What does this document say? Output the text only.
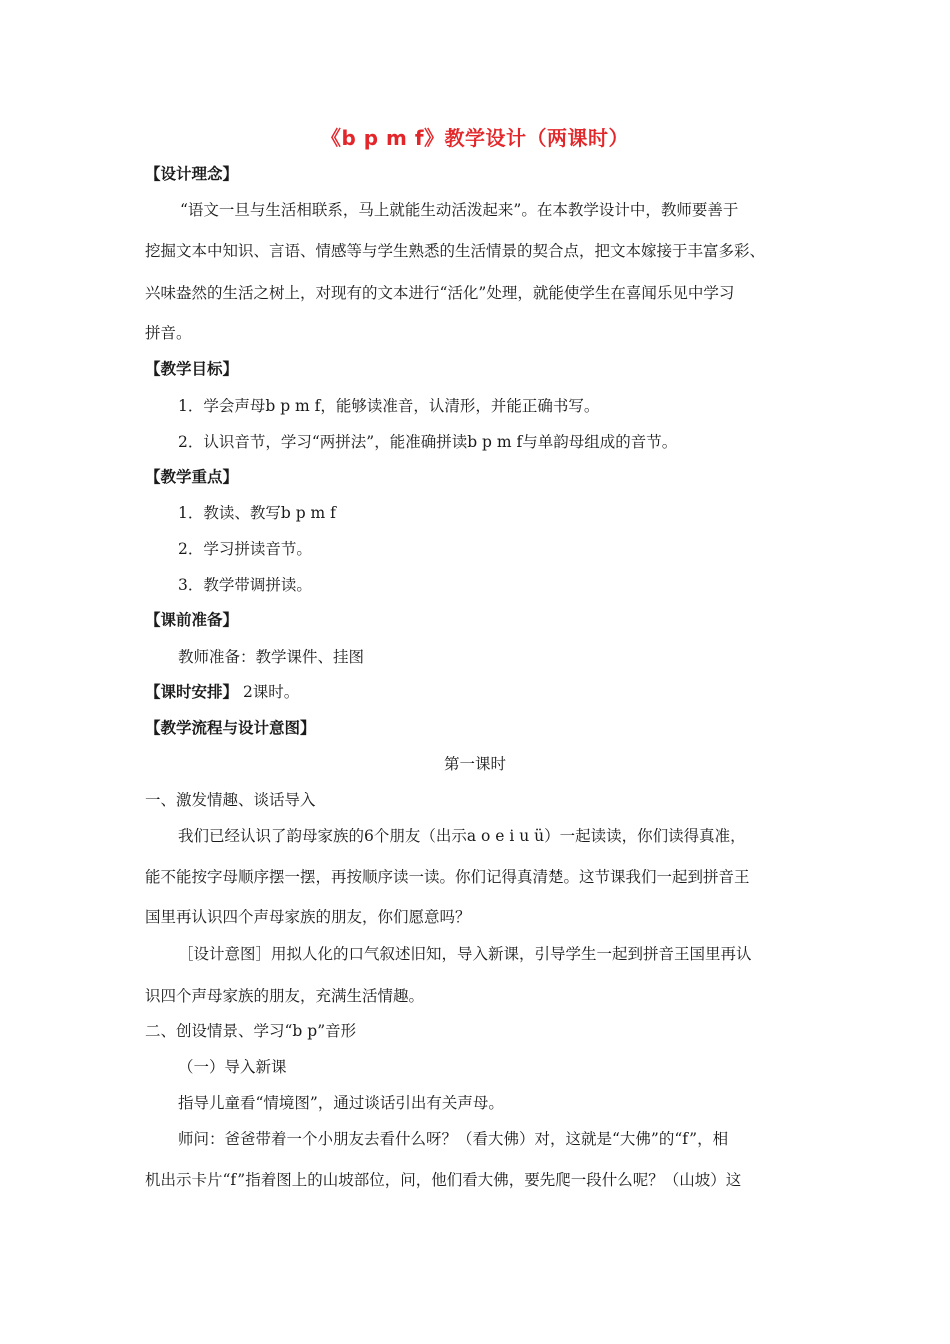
《b p m f》教学设计（两课时）
【设计理念】
“语文一旦与生活相联系，马上就能生动活泼起来”。在本教学设计中，教师要善于
挖掘文本中知识、言语、情感等与学生熟悉的生活情景的契合点，把文本嫁接于丰富多彩、
兴味盎然的生活之树上，对现有的文本进行“活化”处理，就能使学生在喜闻乐见中学习
拼音。
【教学目标】
1．学会声母b p m f，能够读准音，认清形，并能正确书写。
2．认识音节，学习“两拼法”，能准确拼读b p m f与单韵母组成的音节。
【教学重点】
1．教读、教写b p m f
2．学习拼读音节。
3．教学带调拼读。
【课前准备】
教师准备：教学课件、挂图
【课时安排】 2课时。
【教学流程与设计意图】
第一课时
一、激发情趣、谈话导入
我们已经认识了韵母家族的6个朋友（出示a o e i u ü）一起读读，你们读得真准，
能不能按字母顺序摆一摆，再按顺序读一读。你们记得真清楚。这节课我们一起到拼音王
国里再认识四个声母家族的朋友，你们愿意吗？
［设计意图］用拟人化的口气叙述旧知，导入新课，引导学生一起到拼音王国里再认
识四个声母家族的朋友，充满生活情趣。
二、创设情景、学习“b p”音形
（一）导入新课
指导儿童看“情境图”，通过谈话引出有关声母。
师问：爸爸带着一个小朋友去看什么呀？（看大佛）对，这就是“大佛”的“f”，相
机出示卡片“f”指着图上的山坡部位，问，他们看大佛，要先爬一段什么呢？（山坡）这
